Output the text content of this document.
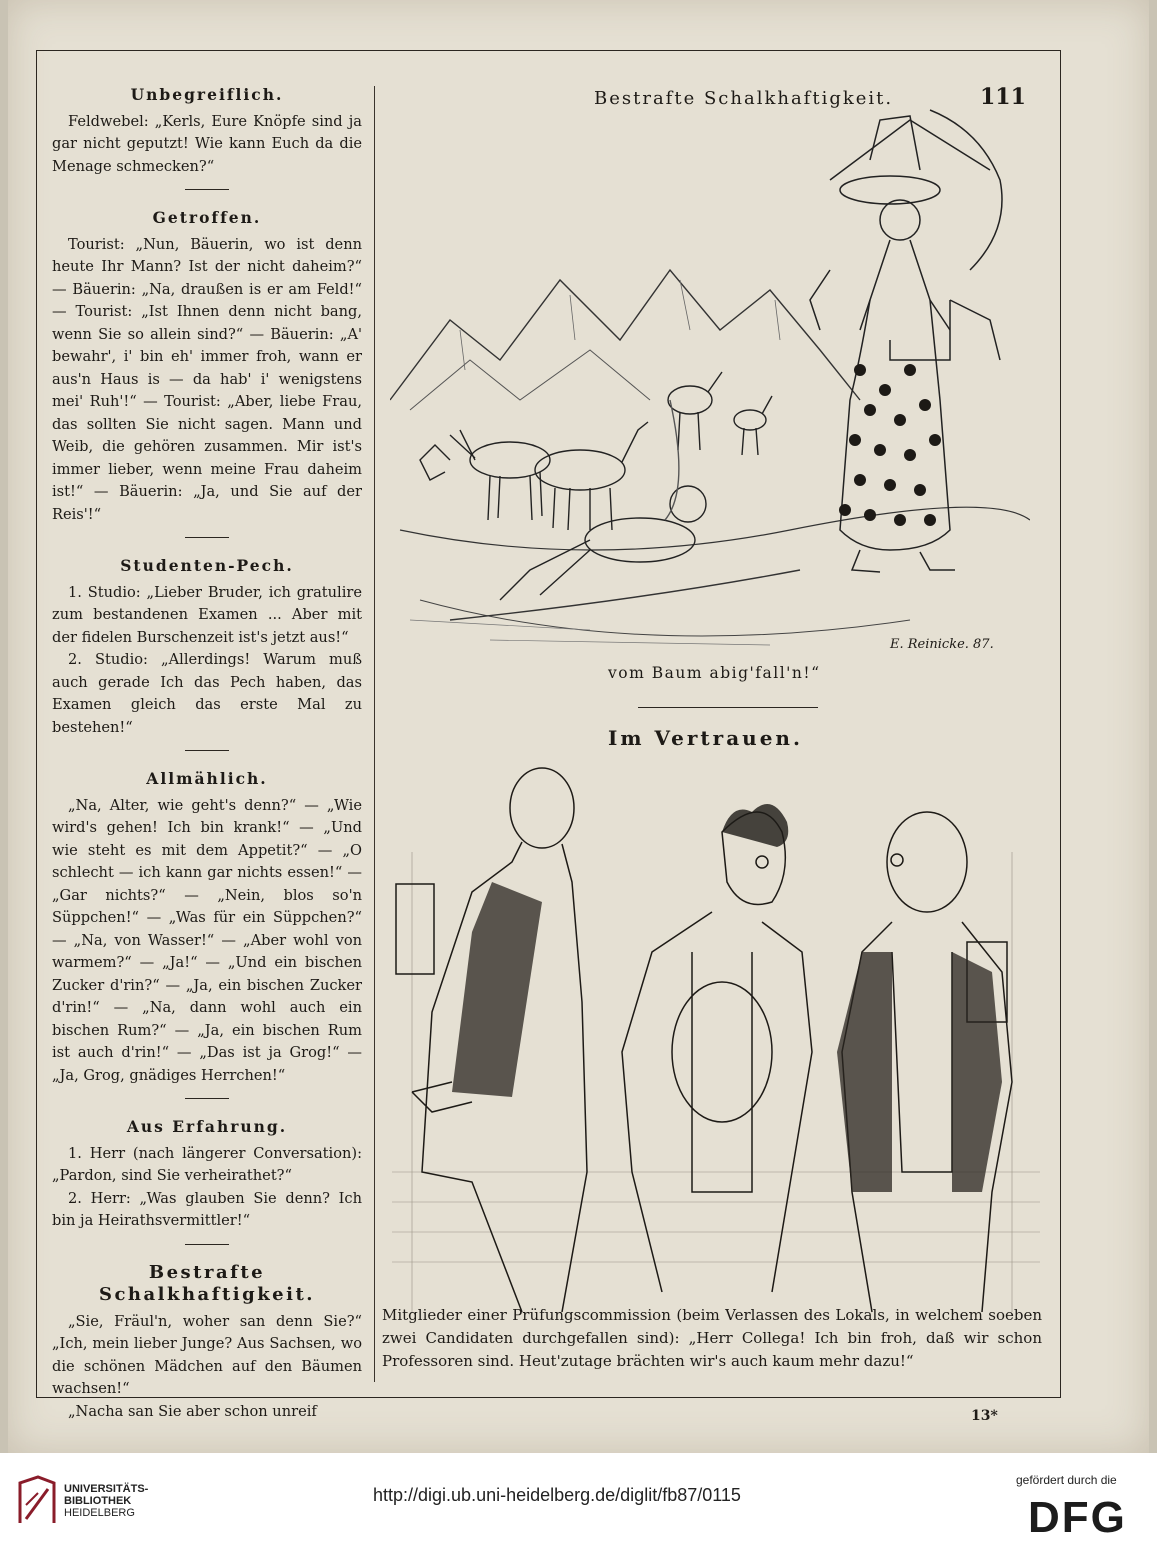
Unbegreiflich.

Feldwebel: „Kerls, Eure Knöpfe sind ja gar nicht geputzt! Wie kann Euch da die Menage schmecken?“

Getroffen.

Tourist: „Nun, Bäuerin, wo ist denn heute Ihr Mann? Ist der nicht daheim?“ — Bäuerin: „Na, draußen is er am Feld!“ — Tourist: „Ist Ihnen denn nicht bang, wenn Sie so allein sind?“ — Bäuerin: „A' bewahr', i' bin eh' immer froh, wann er aus'n Haus is — da hab' i' wenigstens mei' Ruh'!“ — Tourist: „Aber, liebe Frau, das sollten Sie nicht sagen. Mann und Weib, die gehören zusammen. Mir ist's immer lieber, wenn meine Frau daheim ist!“ — Bäuerin: „Ja, und Sie auf der Reis'!“

Studenten-Pech.

1. Studio: „Lieber Bruder, ich gratulire zum bestandenen Examen ... Aber mit der fidelen Burschenzeit ist's jetzt aus!“

2. Studio: „Allerdings! Warum muß auch gerade Ich das Pech haben, das Examen gleich das erste Mal zu bestehen!“

Allmählich.

„Na, Alter, wie geht's denn?“ — „Wie wird's gehen! Ich bin krank!“ — „Und wie steht es mit dem Appetit?“ — „O schlecht — ich kann gar nichts essen!“ — „Gar nichts?“ — „Nein, blos so'n Süppchen!“ — „Was für ein Süppchen?“ — „Na, von Wasser!“ — „Aber wohl von warmem?“ — „Ja!“ — „Und ein bischen Zucker d'rin?“ — „Ja, ein bischen Zucker d'rin!“ — „Na, dann wohl auch ein bischen Rum?“ — „Ja, ein bischen Rum ist auch d'rin!“ — „Das ist ja Grog!“ — „Ja, Grog, gnädiges Herrchen!“

Aus Erfahrung.

1. Herr (nach längerer Conversation): „Pardon, sind Sie verheirathet?“

2. Herr: „Was glauben Sie denn? Ich bin ja Heirathsvermittler!“

Bestrafte Schalkhaftigkeit.

„Sie, Fräul'n, woher san denn Sie?“ „Ich, mein lieber Junge? Aus Sachsen, wo die schönen Mädchen auf den Bäumen wachsen!“

„Nacha san Sie aber schon unreif

Bestrafte Schalkhaftigkeit.	111
E. Reinicke. 87.
vom Baum abig'fall'n!“
Im Vertrauen.
Mitglieder einer Prüfungscommission (beim Verlassen des Lokals, in welchem soeben zwei Candidaten durchgefallen sind): „Herr Collega! Ich bin froh, daß wir schon Professoren sind. Heut'zutage brächten wir's auch kaum mehr dazu!“
13*
UNIVERSITÄTS-
BIBLIOTHEK
HEIDELBERG
http://digi.ub.uni-heidelberg.de/diglit/fb87/0115
gefördert durch die
DFG
